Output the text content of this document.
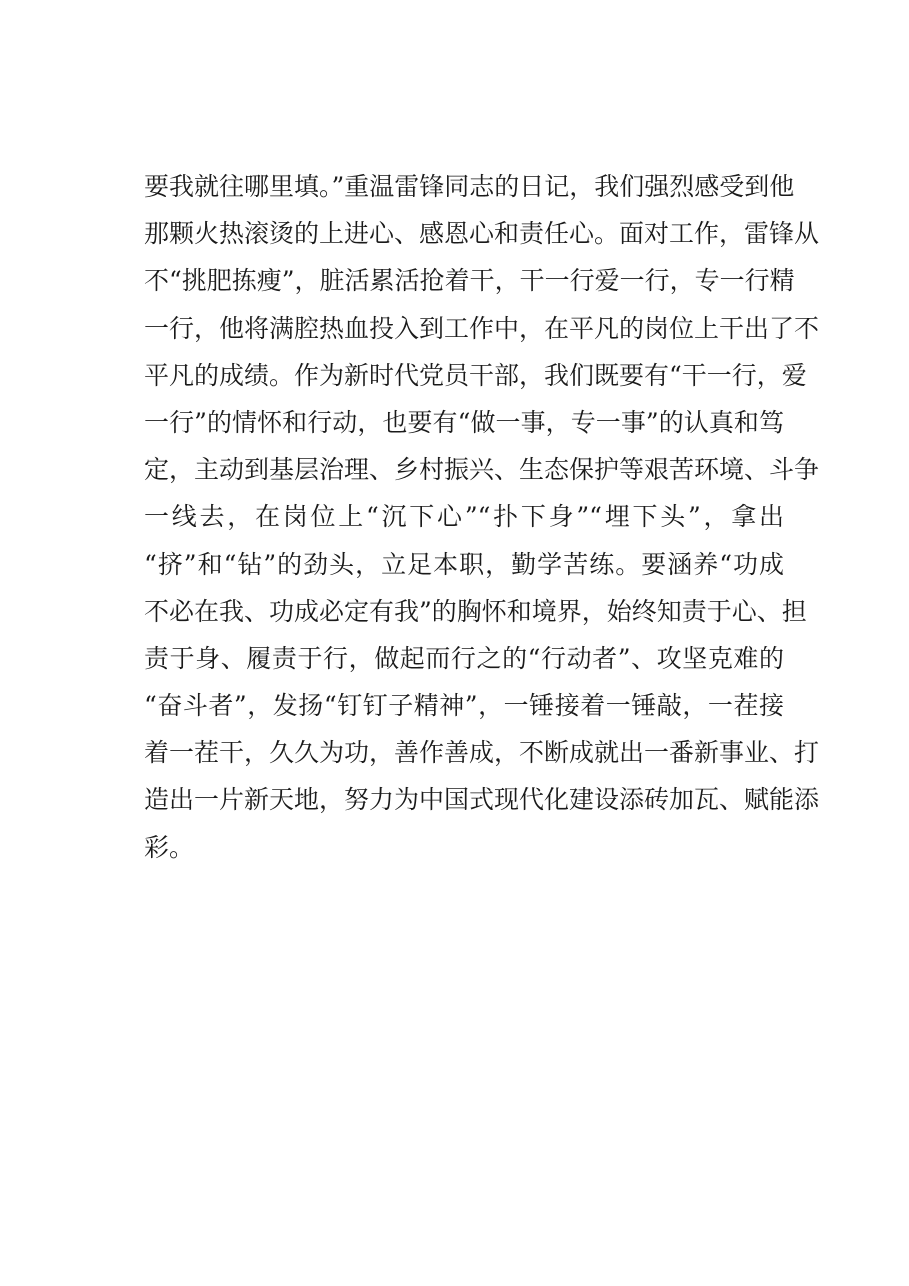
要我就往哪里填。”重温雷锋同志的日记，我们强烈感受到他
那颗火热滚烫的上进心、感恩心和责任心。面对工作，雷锋从
不“挑肥拣瘦”，脏活累活抢着干，干一行爱一行，专一行精
一行，他将满腔热血投入到工作中，在平凡的岗位上干出了不
平凡的成绩。作为新时代党员干部，我们既要有“干一行，爱
一行”的情怀和行动，也要有“做一事，专一事”的认真和笃
定，主动到基层治理、乡村振兴、生态保护等艰苦环境、斗争
一线去，在岗位上“沉下心”“扑下身”“埋下头”，拿出
“挤”和“钻”的劲头，立足本职，勤学苦练。要涵养“功成
不必在我、功成必定有我”的胸怀和境界，始终知责于心、担
责于身、履责于行，做起而行之的“行动者”、攻坚克难的
“奋斗者”，发扬“钉钉子精神”，一锤接着一锤敲，一茬接
着一茬干，久久为功，善作善成，不断成就出一番新事业、打
造出一片新天地，努力为中国式现代化建设添砖加瓦、赋能添
彩。
